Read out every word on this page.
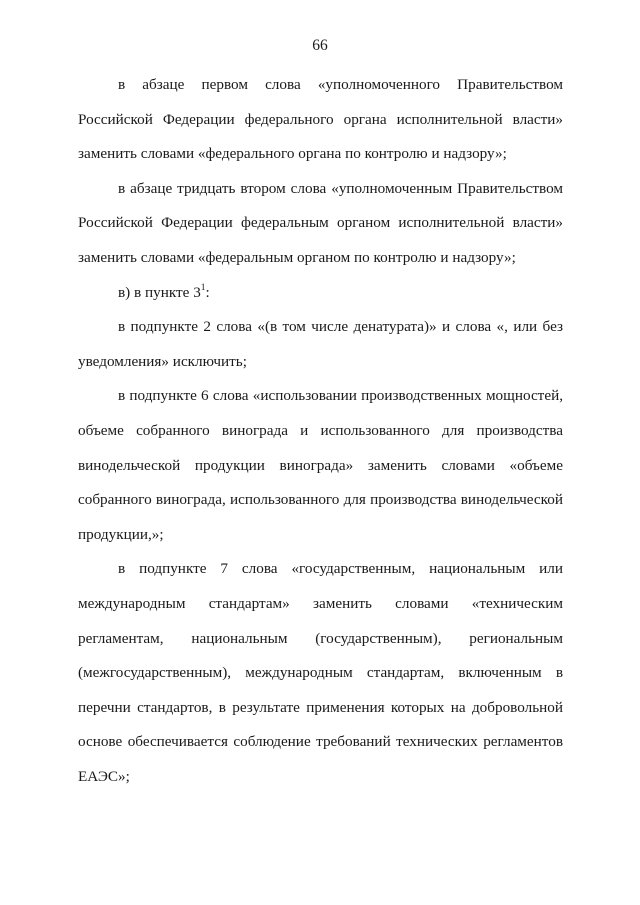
66

в абзаце первом слова «уполномоченного Правительством Российской Федерации федерального органа исполнительной власти» заменить словами «федерального органа по контролю и надзору»;

в абзаце тридцать втором слова «уполномоченным Правительством Российской Федерации федеральным органом исполнительной власти» заменить словами «федеральным органом по контролю и надзору»;

в) в пункте $3^1$:

в подпункте 2 слова «(в том числе денатурата)» и слова «, или без уведомления» исключить;

в подпункте 6 слова «использовании производственных мощностей, объеме собранного винограда и использованного для производства винодельческой продукции винограда» заменить словами «объеме собранного винограда, использованного для производства винодельческой продукции,»;

в подпункте 7 слова «государственным, национальным или международным стандартам» заменить словами «техническим регламентам, национальным (государственным), региональным (межгосударственным), международным стандартам, включенным в перечни стандартов, в результате применения которых на добровольной основе обеспечивается соблюдение требований технических регламентов ЕАЭС»;
